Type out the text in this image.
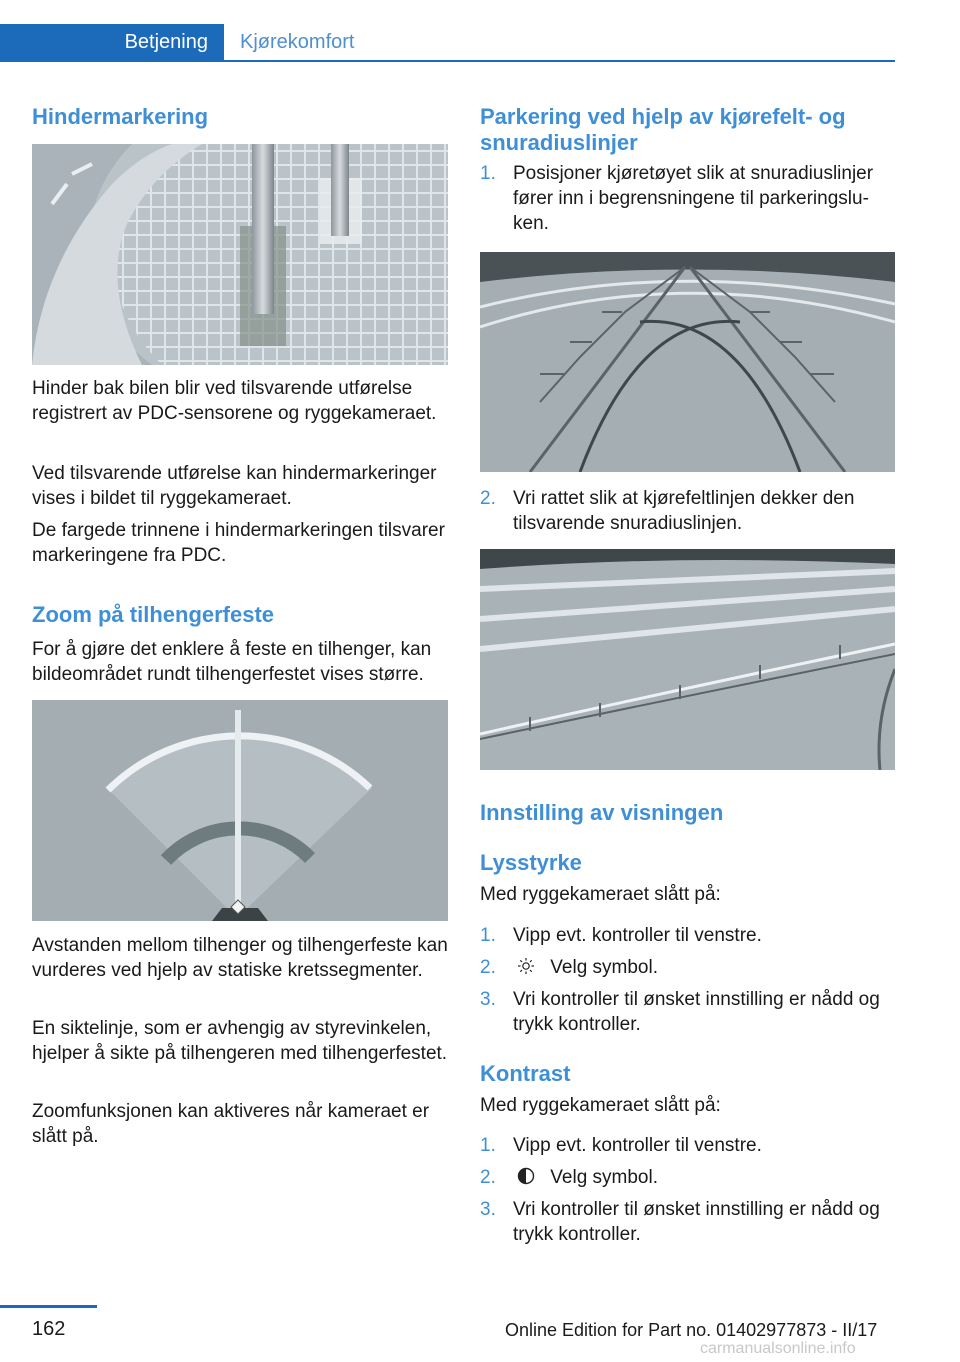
Betjening	Kjørekomfort
Hindermarkering

Hinder bak bilen blir ved tilsvarende utførelse registrert av PDC-sensorene og ryggekameraet.

Ved tilsvarende utførelse kan hindermarkeringer vises i bildet til ryggekameraet.

De fargede trinnene i hindermarkeringen tilsvarer markeringene fra PDC.

Zoom på tilhengerfeste

For å gjøre det enklere å feste en tilhenger, kan bildeområdet rundt tilhengerfestet vises større.

Avstanden mellom tilhenger og tilhengerfeste kan vurderes ved hjelp av statiske kretssegmenter.

En siktelinje, som er avhengig av styrevinkelen, hjelper å sikte på tilhengeren med tilhengerfestet.

Zoomfunksjonen kan aktiveres når kameraet er slått på.

Parkering ved hjelp av kjørefelt- og snuradiuslinjer
1. Posisjoner kjøretøyet slik at snuradiuslinjer fører inn i begrensningene til parkeringsluken.
2. Vri rattet slik at kjørefeltlinjen dekker den tilsvarende snuradiuslinjen.
Innstilling av visningen
Lysstyrke

Med ryggekameraet slått på:

1. Vipp evt. kontroller til venstre.
2.	Velg symbol.
3. Vri kontroller til ønsket innstilling er nådd og trykk kontroller.
Kontrast

Med ryggekameraet slått på:

1. Vipp evt. kontroller til venstre.
2.	Velg symbol.
3. Vri kontroller til ønsket innstilling er nådd og trykk kontroller.
162	Online Edition for Part no. 01402977873 - II/17
carmanualsonline.info
